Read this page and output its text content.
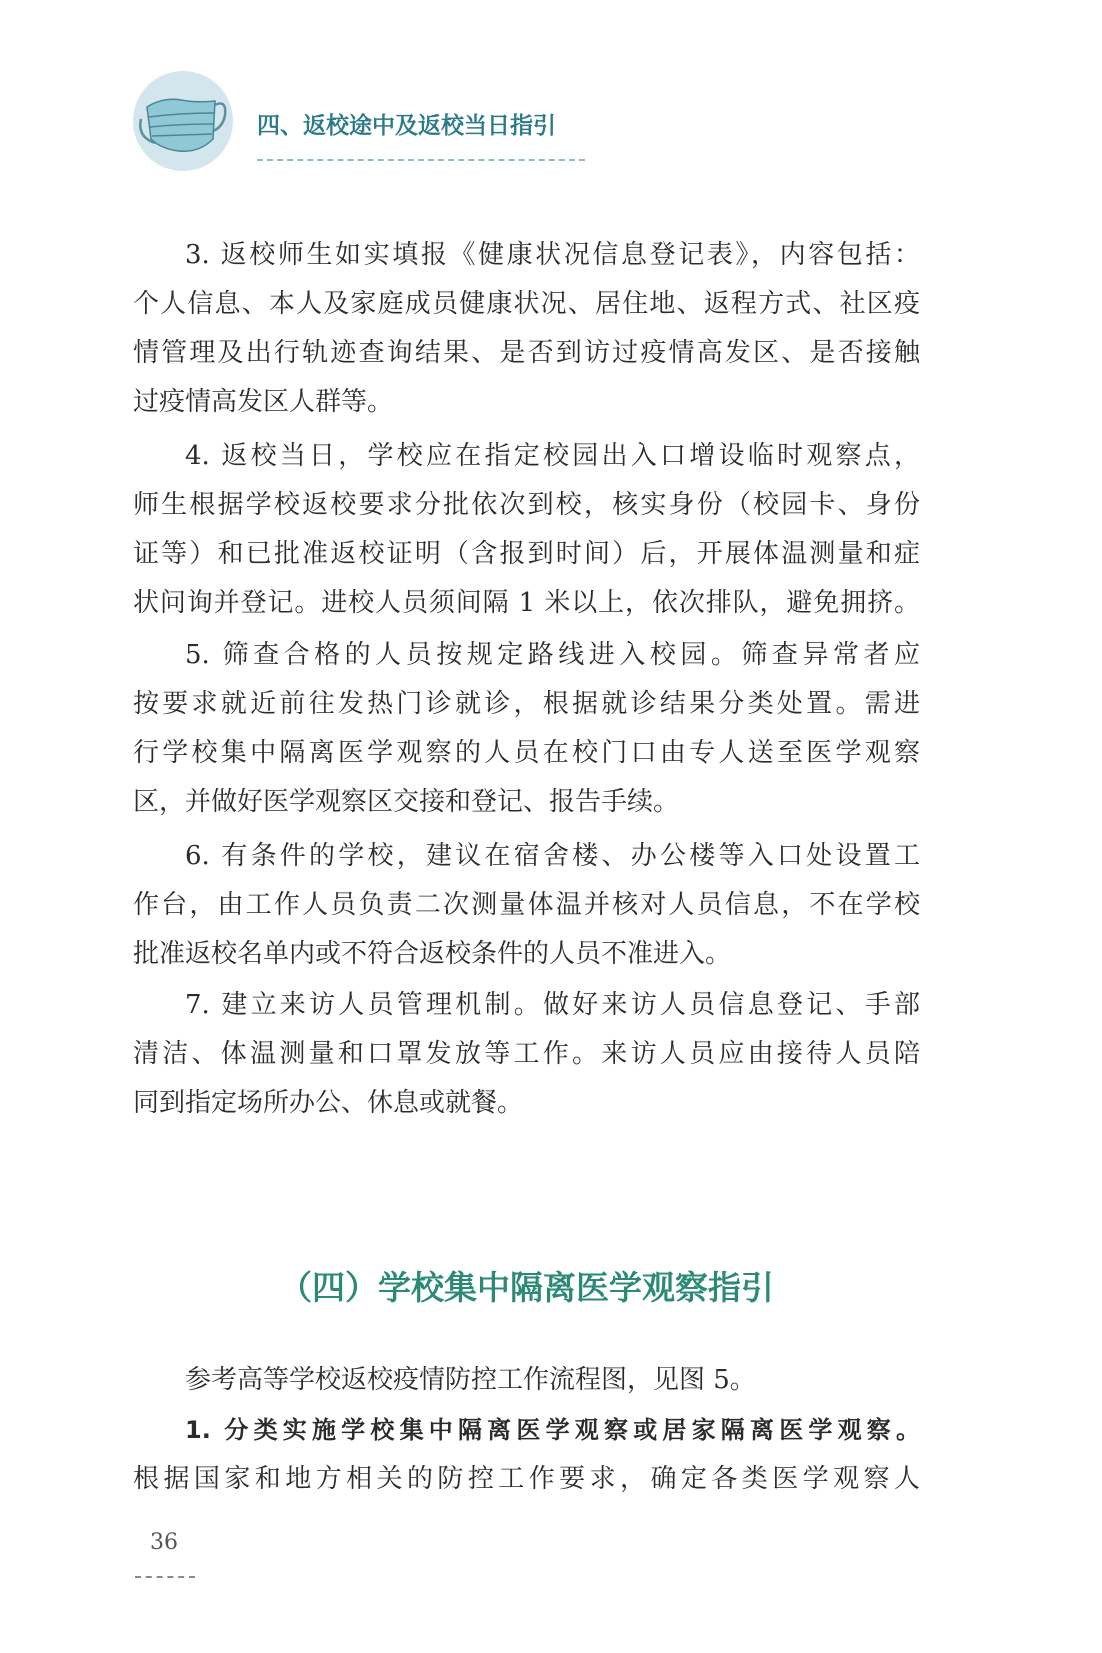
四、返校途中及返校当日指引
3. 返校师生如实填报《健康状况信息登记表》，内容包括：
个人信息、本人及家庭成员健康状况、居住地、返程方式、社区疫
情管理及出行轨迹查询结果、是否到访过疫情高发区、是否接触
过疫情高发区人群等。
4. 返校当日，学校应在指定校园出入口增设临时观察点，
师生根据学校返校要求分批依次到校，核实身份（校园卡、身份
证等）和已批准返校证明（含报到时间）后，开展体温测量和症
状问询并登记。进校人员须间隔 1 米以上，依次排队，避免拥挤。
5. 筛查合格的人员按规定路线进入校园。筛查异常者应
按要求就近前往发热门诊就诊，根据就诊结果分类处置。需进
行学校集中隔离医学观察的人员在校门口由专人送至医学观察
区，并做好医学观察区交接和登记、报告手续。
6. 有条件的学校，建议在宿舍楼、办公楼等入口处设置工
作台，由工作人员负责二次测量体温并核对人员信息，不在学校
批准返校名单内或不符合返校条件的人员不准进入。
7. 建立来访人员管理机制。做好来访人员信息登记、手部
清洁、体温测量和口罩发放等工作。来访人员应由接待人员陪
同到指定场所办公、休息或就餐。
（四）学校集中隔离医学观察指引
参考高等学校返校疫情防控工作流程图，见图 5。
1. 分类实施学校集中隔离医学观察或居家隔离医学观察。
根据国家和地方相关的防控工作要求，确定各类医学观察人
36
